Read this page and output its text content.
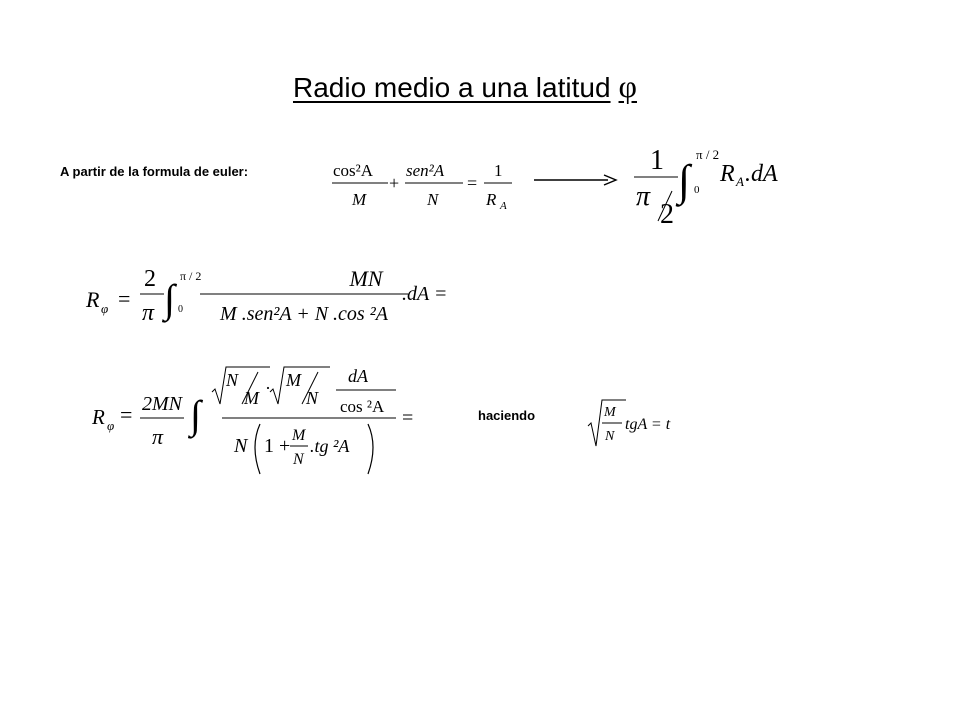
Radio medio a una latitud φ
A partir de la formula de euler:	cos²A
M
+
sen²A
N
=
1
R A
1
π
2
∫
π / 2
0
R A .dA
R φ =
2
π ∫ π / 2
0
MN
M .sen²A + N .cos ²A
.dA =
R φ = 2MN
π ∫
N
M · M
N
dA
cos ²A
N 1 + M
N
.tg ²A
=	haciendo	M
N
tgA = t
